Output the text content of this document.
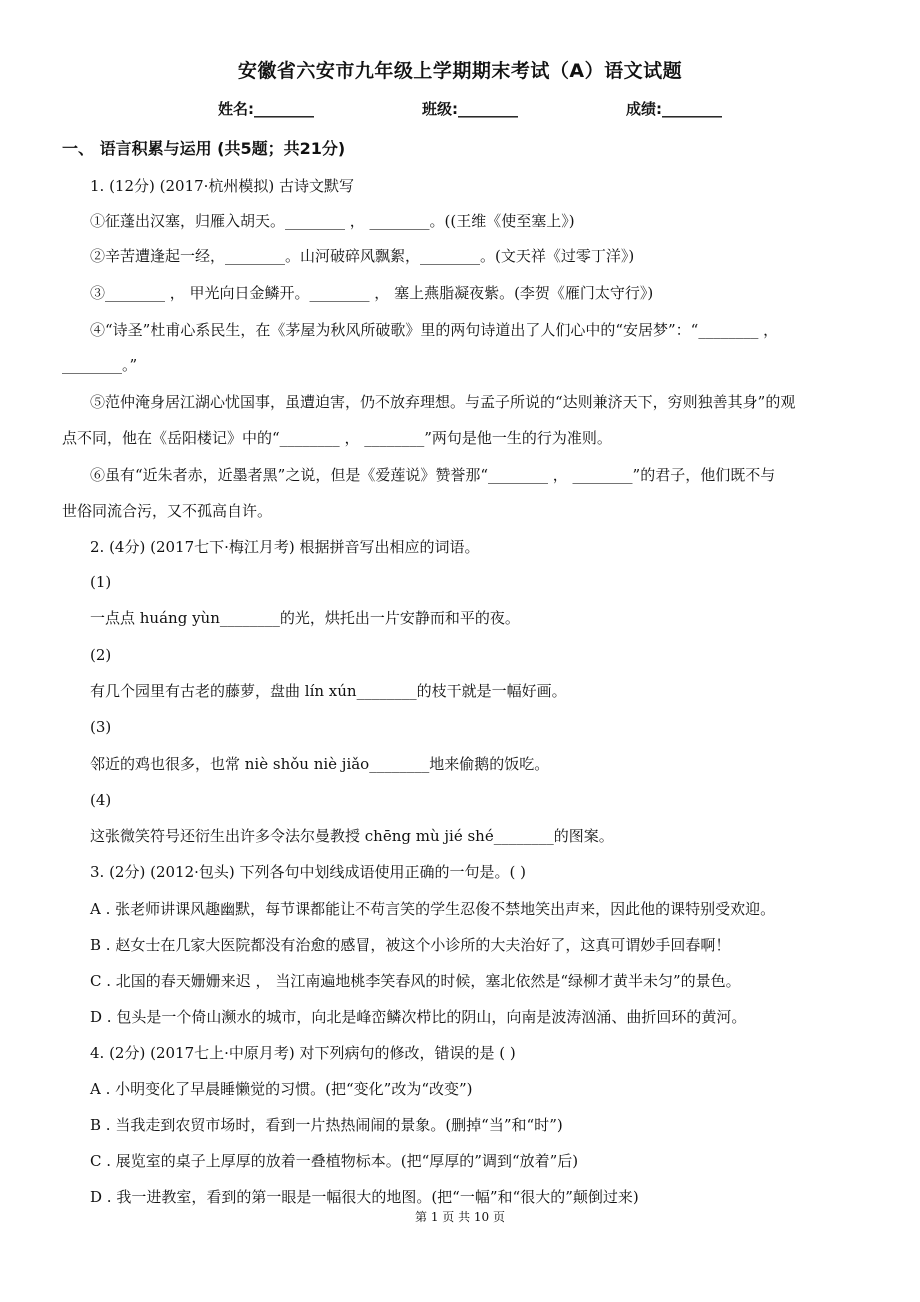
安徽省六安市九年级上学期期末考试（A）语文试题
姓名:________	班级:________	成绩:________
一、 语言积累与运用 (共5题；共21分)
1. (12分) (2017·杭州模拟) 古诗文默写
①征蓬出汉塞，归雁入胡天。________ ， ________。((王维《使至塞上》)
②辛苦遭逢起一经，________。山河破碎风飘絮，________。(文天祥《过零丁洋》)
③________ ， 甲光向日金鳞开。________ ， 塞上燕脂凝夜紫。(李贺《雁门太守行》)
④“诗圣”杜甫心系民生，在《茅屋为秋风所破歌》里的两句诗道出了人们心中的“安居梦”：“________ ，
________。”
⑤范仲淹身居江湖心忧国事，虽遭迫害，仍不放弃理想。与孟子所说的“达则兼济天下，穷则独善其身”的观
点不同，他在《岳阳楼记》中的“________ ， ________”两句是他一生的行为准则。
⑥虽有“近朱者赤，近墨者黑”之说，但是《爱莲说》赞誉那“________ ， ________”的君子，他们既不与
世俗同流合污，又不孤高自许。
2. (4分) (2017七下·梅江月考) 根据拼音写出相应的词语。
(1)
一点点 huáng yùn________的光，烘托出一片安静而和平的夜。
(2)
有几个园里有古老的藤萝，盘曲 lín xún________的枝干就是一幅好画。
(3)
邻近的鸡也很多，也常 niè shǒu niè jiǎo________地来偷鹅的饭吃。
(4)
这张微笑符号还衍生出许多令法尔曼教授 chēng mù jié shé________的图案。
3. (2分) (2012·包头) 下列各句中划线成语使用正确的一句是。( )
A . 张老师讲课风趣幽默，每节课都能让不苟言笑的学生忍俊不禁地笑出声来，因此他的课特别受欢迎。
B . 赵女士在几家大医院都没有治愈的感冒，被这个小诊所的大夫治好了，这真可谓妙手回春啊！
C . 北国的春天姗姗来迟 ， 当江南遍地桃李笑春风的时候，塞北依然是“绿柳才黄半未匀”的景色。
D . 包头是一个倚山濒水的城市，向北是峰峦鳞次栉比的阴山，向南是波涛汹涌、曲折回环的黄河。
4. (2分) (2017七上·中原月考) 对下列病句的修改，错误的是 ( )
A . 小明变化了早晨睡懒觉的习惯。(把“变化”改为“改变”)
B . 当我走到农贸市场时，看到一片热热闹闹的景象。(删掉“当”和“时”)
C . 展览室的桌子上厚厚的放着一叠植物标本。(把“厚厚的”调到“放着”后)
D . 我一进教室，看到的第一眼是一幅很大的地图。(把“一幅”和“很大的”颠倒过来)
第 1 页 共 10 页
